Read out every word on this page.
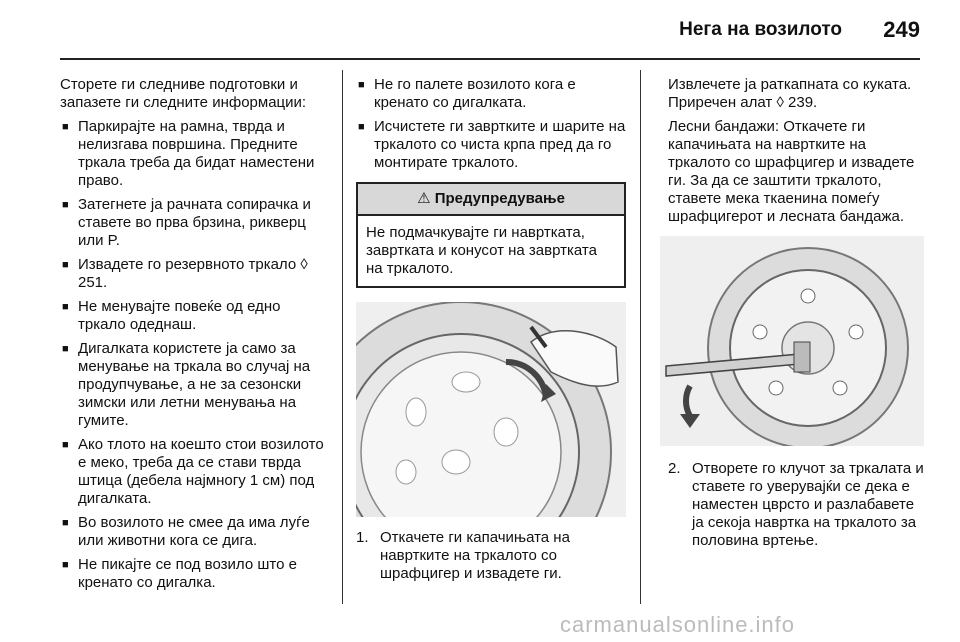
Нега на возилото 249

Сторете ги следниве подготовки и запазете ги следните информации:

■ Паркирајте на рамна, тврда и нелизгава површина. Предните тркала треба да бидат наместени право.
■ Затегнете ја рачната сопирачка и ставете во прва брзина, рикверц или P.
■ Извадете го резервното тркало ◊ 251.
■ Не менувајте повеќе од едно тркало одеднаш.
■ Дигалката користете ја само за менување на тркала во случај на продупчување, а не за сезонски зимски или летни менувања на гумите.
■ Ако тлото на коешто стои возилото е меко, треба да се стави тврда штица (дебела најмногу 1 см) под дигалката.
■ Во возилото не смее да има луѓе или животни кога се дига.
■ Не пикајте се под возило што е кренато со дигалка.
■ Не го палете возилото кога е кренато со дигалката.
■ Исчистете ги завртките и шарите на тркалото со чиста крпа пред да го монтирате тркалото.
⚠ Предупредување
Не подмачкувајте ги навртката, завртката и конусот на завртката на тркалото.
1. Откачете ги капачињата на навртките на тркалото со шрафцигер и извадете ги.

Извлечете ја раткапната со куката. Приречен алат ◊ 239.

Лесни бандажи: Откачете ги капачињата на навртките на тркалото со шрафцигер и извадете ги. За да се заштити тркалото, ставете мека ткаенина помеѓу шрафцигерот и лесната бандажа.

2. Отворете го клучот за тркалата и ставете го уверувајќи се дека е наместен цврсто и разлабавете ја секоја навртка на тркалото за половина вртење.
carmanualsonline.info
